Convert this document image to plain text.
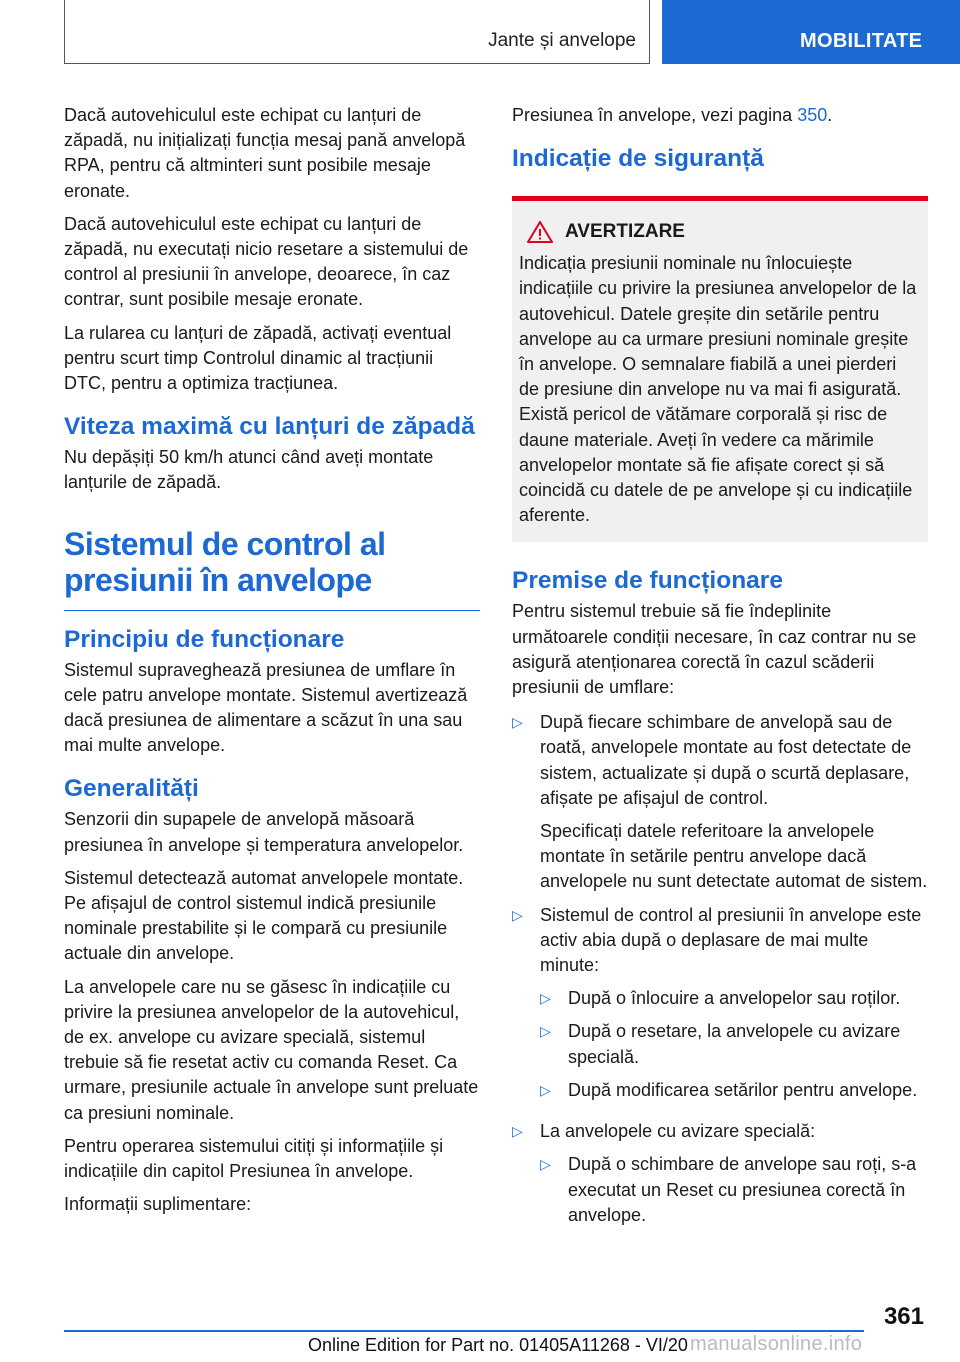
Jante și anvelope	MOBILITATE

Dacă autovehiculul este echipat cu lanțuri de zăpadă, nu inițializați funcția mesaj pană anvelopă RPA, pentru că altminteri sunt posibile mesaje eronate.

Dacă autovehiculul este echipat cu lanțuri de zăpadă, nu executați nicio resetare a sistemului de control al presiunii în anvelope, deoarece, în caz contrar, sunt posibile mesaje eronate.

La rularea cu lanțuri de zăpadă, activați eventual pentru scurt timp Controlul dinamic al tracțiunii DTC, pentru a optimiza tracțiunea.

Viteza maximă cu lanțuri de zăpadă

Nu depășiți 50 km/h atunci când aveți montate lanțurile de zăpadă.

Sistemul de control al presiunii în anvelope
Principiu de funcționare

Sistemul supraveghează presiunea de umflare în cele patru anvelope montate. Sistemul avertizează dacă presiunea de alimentare a scăzut în una sau mai multe anvelope.

Generalități

Senzorii din supapele de anvelopă măsoară presiunea în anvelope și temperatura anvelopelor.

Sistemul detectează automat anvelopele montate. Pe afișajul de control sistemul indică presiunile nominale prestabilite și le compară cu presiunile actuale din anvelope.

La anvelopele care nu se găsesc în indicațiile cu privire la presiunea anvelopelor de la autovehicul, de ex. anvelope cu avizare specială, sistemul trebuie să fie resetat activ cu comanda Reset. Ca urmare, presiunile actuale în anvelope sunt preluate ca presiuni nominale.

Pentru operarea sistemului citiți și informațiile și indicațiile din capitol Presiunea în anvelope.

Informații suplimentare:

Presiunea în anvelope, vezi pagina 350.

Indicație de siguranță
AVERTIZARE

Indicația presiunii nominale nu înlocuiește indicațiile cu privire la presiunea anvelopelor de la autovehicul. Datele greșite din setările pentru anvelope au ca urmare presiuni nominale greșite în anvelope. O semnalare fiabilă a unei pierderi de presiune din anvelope nu va mai fi asigurată. Există pericol de vătămare corporală și risc de daune materiale. Aveți în vedere ca mărimile anvelopelor montate să fie afișate corect și să coincidă cu datele de pe anvelope și cu indicațiile aferente.

Premise de funcționare

Pentru sistemul trebuie să fie îndeplinite următoarele condiții necesare, în caz contrar nu se asigură atenționarea corectă în cazul scăderii presiunii de umflare:

▷ După fiecare schimbare de anvelopă sau de roată, anvelopele montate au fost detectate de sistem, actualizate și după o scurtă deplasare, afișate pe afișajul de control.

Specificați datele referitoare la anvelopele montate în setările pentru anvelope dacă anvelopele nu sunt detectate automat de sistem.

▷ Sistemul de control al presiunii în anvelope este activ abia după o deplasare de mai multe minute:

▷ După o înlocuire a anvelopelor sau roților.

▷ După o resetare, la anvelopele cu avizare specială.

▷ După modificarea setărilor pentru anvelope.

▷ La anvelopele cu avizare specială:

▷ După o schimbare de anvelope sau roți, s-a executat un Reset cu presiunea corectă în anvelope.

361
Online Edition for Part no. 01405A11268 - VI/20 manualsonline.info
